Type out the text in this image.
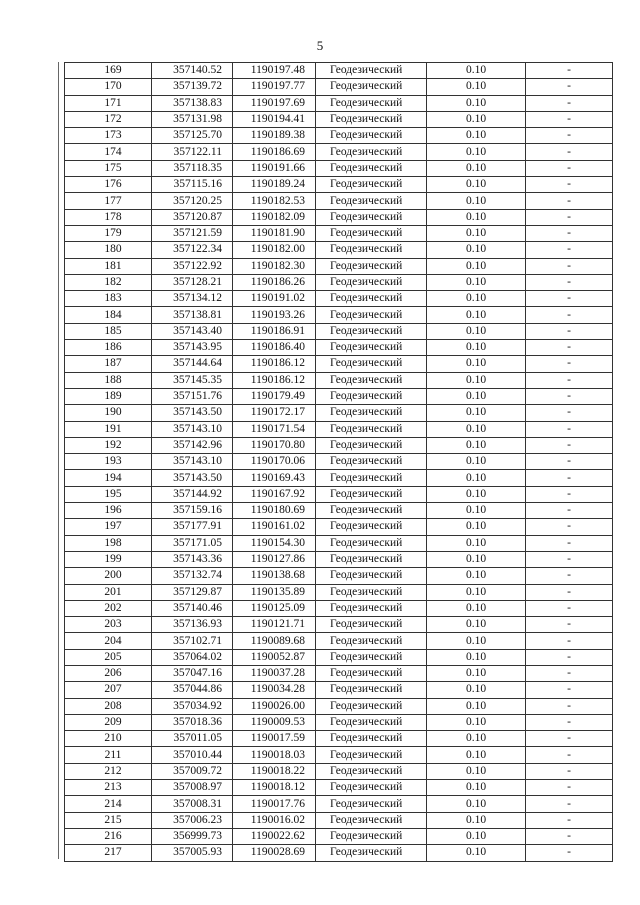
5
169	357140.52	1190197.48	Геодезический	0.10	-
170	357139.72	1190197.77	Геодезический	0.10	-
171	357138.83	1190197.69	Геодезический	0.10	-
172	357131.98	1190194.41	Геодезический	0.10	-
173	357125.70	1190189.38	Геодезический	0.10	-
174	357122.11	1190186.69	Геодезический	0.10	-
175	357118.35	1190191.66	Геодезический	0.10	-
176	357115.16	1190189.24	Геодезический	0.10	-
177	357120.25	1190182.53	Геодезический	0.10	-
178	357120.87	1190182.09	Геодезический	0.10	-
179	357121.59	1190181.90	Геодезический	0.10	-
180	357122.34	1190182.00	Геодезический	0.10	-
181	357122.92	1190182.30	Геодезический	0.10	-
182	357128.21	1190186.26	Геодезический	0.10	-
183	357134.12	1190191.02	Геодезический	0.10	-
184	357138.81	1190193.26	Геодезический	0.10	-
185	357143.40	1190186.91	Геодезический	0.10	-
186	357143.95	1190186.40	Геодезический	0.10	-
187	357144.64	1190186.12	Геодезический	0.10	-
188	357145.35	1190186.12	Геодезический	0.10	-
189	357151.76	1190179.49	Геодезический	0.10	-
190	357143.50	1190172.17	Геодезический	0.10	-
191	357143.10	1190171.54	Геодезический	0.10	-
192	357142.96	1190170.80	Геодезический	0.10	-
193	357143.10	1190170.06	Геодезический	0.10	-
194	357143.50	1190169.43	Геодезический	0.10	-
195	357144.92	1190167.92	Геодезический	0.10	-
196	357159.16	1190180.69	Геодезический	0.10	-
197	357177.91	1190161.02	Геодезический	0.10	-
198	357171.05	1190154.30	Геодезический	0.10	-
199	357143.36	1190127.86	Геодезический	0.10	-
200	357132.74	1190138.68	Геодезический	0.10	-
201	357129.87	1190135.89	Геодезический	0.10	-
202	357140.46	1190125.09	Геодезический	0.10	-
203	357136.93	1190121.71	Геодезический	0.10	-
204	357102.71	1190089.68	Геодезический	0.10	-
205	357064.02	1190052.87	Геодезический	0.10	-
206	357047.16	1190037.28	Геодезический	0.10	-
207	357044.86	1190034.28	Геодезический	0.10	-
208	357034.92	1190026.00	Геодезический	0.10	-
209	357018.36	1190009.53	Геодезический	0.10	-
210	357011.05	1190017.59	Геодезический	0.10	-
211	357010.44	1190018.03	Геодезический	0.10	-
212	357009.72	1190018.22	Геодезический	0.10	-
213	357008.97	1190018.12	Геодезический	0.10	-
214	357008.31	1190017.76	Геодезический	0.10	-
215	357006.23	1190016.02	Геодезический	0.10	-
216	356999.73	1190022.62	Геодезический	0.10	-
217	357005.93	1190028.69	Геодезический	0.10	-
